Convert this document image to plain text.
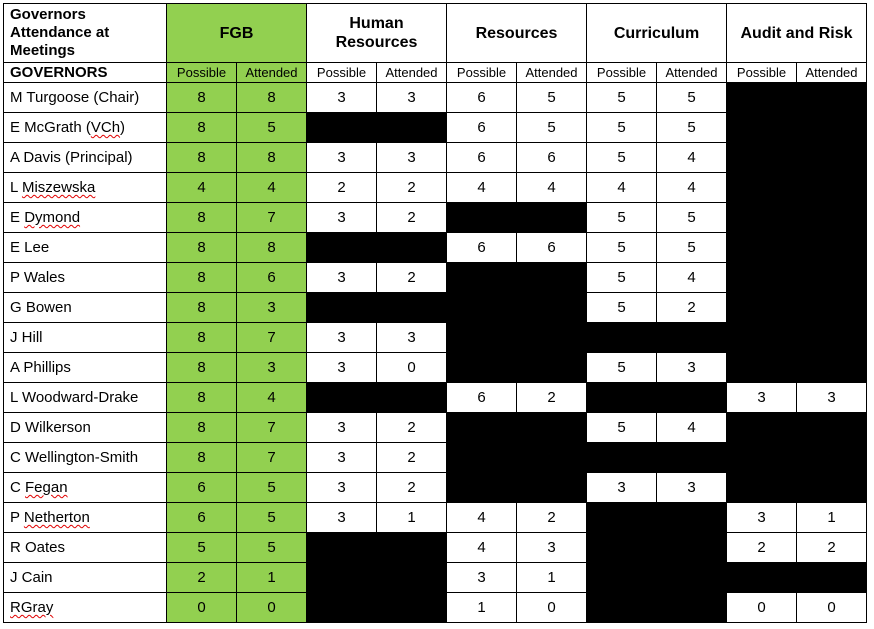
Governors Attendance at Meetings	FGB		Human Resources		Resources		Curriculum		Audit and Risk	
GOVERNORS	Possible	Attended	Possible	Attended	Possible	Attended	Possible	Attended	Possible	Attended
M Turgoose (Chair)	8	8	3	3	6	5	5	5		
E McGrath (VCh)	8	5			6	5	5	5		
A Davis (Principal)	8	8	3	3	6	6	5	4		
L Miszewska	4	4	2	2	4	4	4	4		
E Dymond	8	7	3	2			5	5		
E Lee	8	8			6	6	5	5		
P Wales	8	6	3	2			5	4		
G Bowen	8	3					5	2		
J Hill	8	7	3	3						
A Phillips	8	3	3	0			5	3		
L Woodward-Drake	8	4			6	2			3	3
D Wilkerson	8	7	3	2			5	4		
C Wellington-Smith	8	7	3	2						
C Fegan	6	5	3	2			3	3		
P Netherton	6	5	3	1	4	2			3	1
R Oates	5	5			4	3			2	2
J Cain	2	1			3	1				
RGray	0	0			1	0			0	0
